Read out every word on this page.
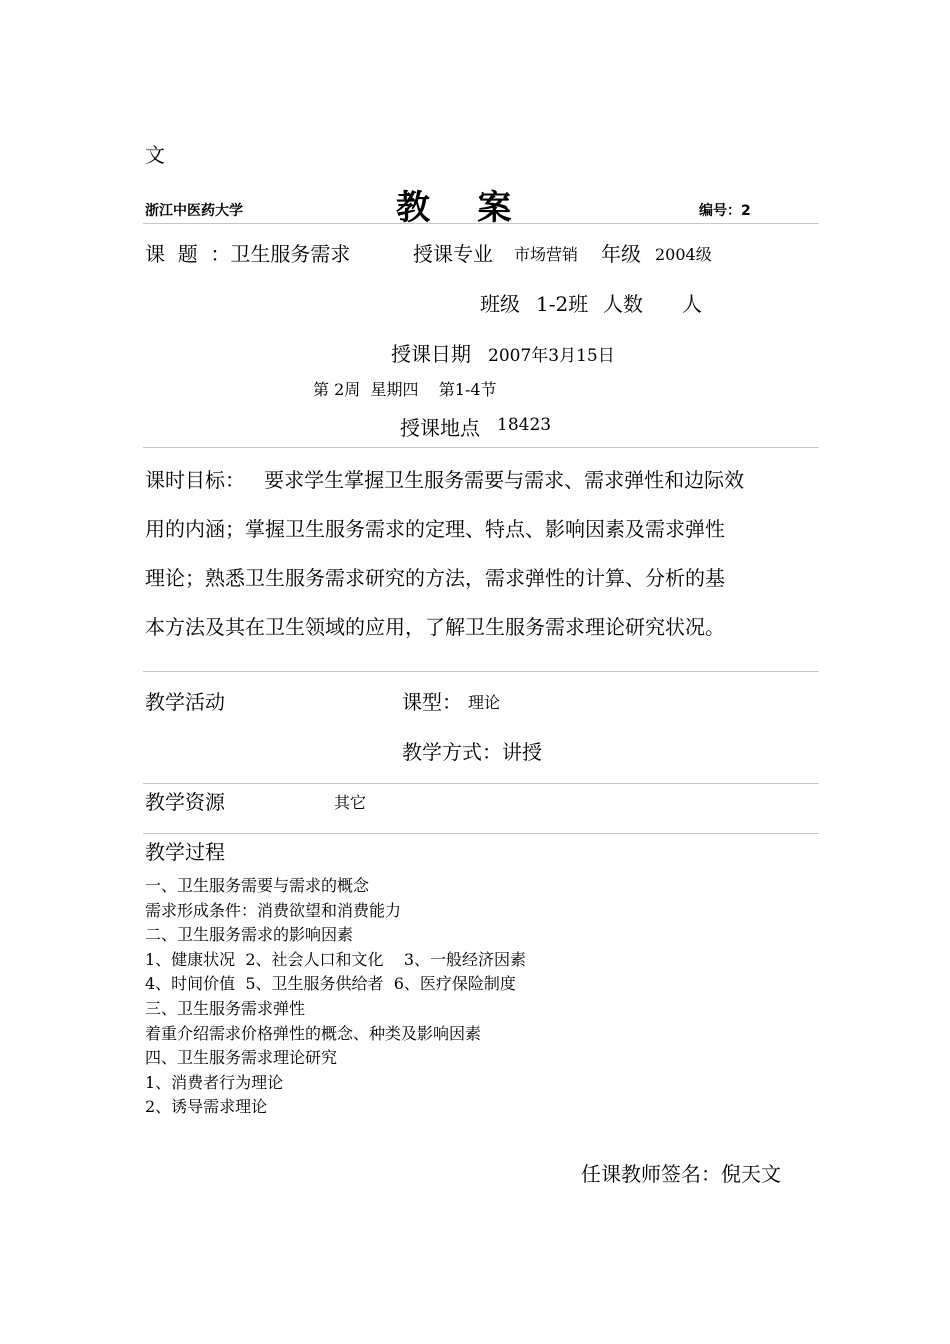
文
浙江中医药大学	教    案	编号：2
课  题  ：卫生服务需求	授课专业 市场营销 年级 2004级
班级 1-2班 人数 人
授课日期 2007年3月15日
第 2周  星期四    第1-4节
授课地点 18423
课时目标：   要求学生掌握卫生服务需要与需求、需求弹性和边际效
用的内涵；掌握卫生服务需求的定理、特点、影响因素及需求弹性
理论；熟悉卫生服务需求研究的方法，需求弹性的计算、分析的基
本方法及其在卫生领域的应用，了解卫生服务需求理论研究状况。
教学活动	课型： 理论
教学方式：讲授
教学资源	其它
教学过程
一、卫生服务需要与需求的概念
需求形成条件：消费欲望和消费能力
二、卫生服务需求的影响因素
1、健康状况  2、社会人口和文化    3、一般经济因素
4、时间价值  5、卫生服务供给者  6、医疗保险制度
三、卫生服务需求弹性
着重介绍需求价格弹性的概念、种类及影响因素
四、卫生服务需求理论研究
1、消费者行为理论
2、诱导需求理论
任课教师签名：倪天文
